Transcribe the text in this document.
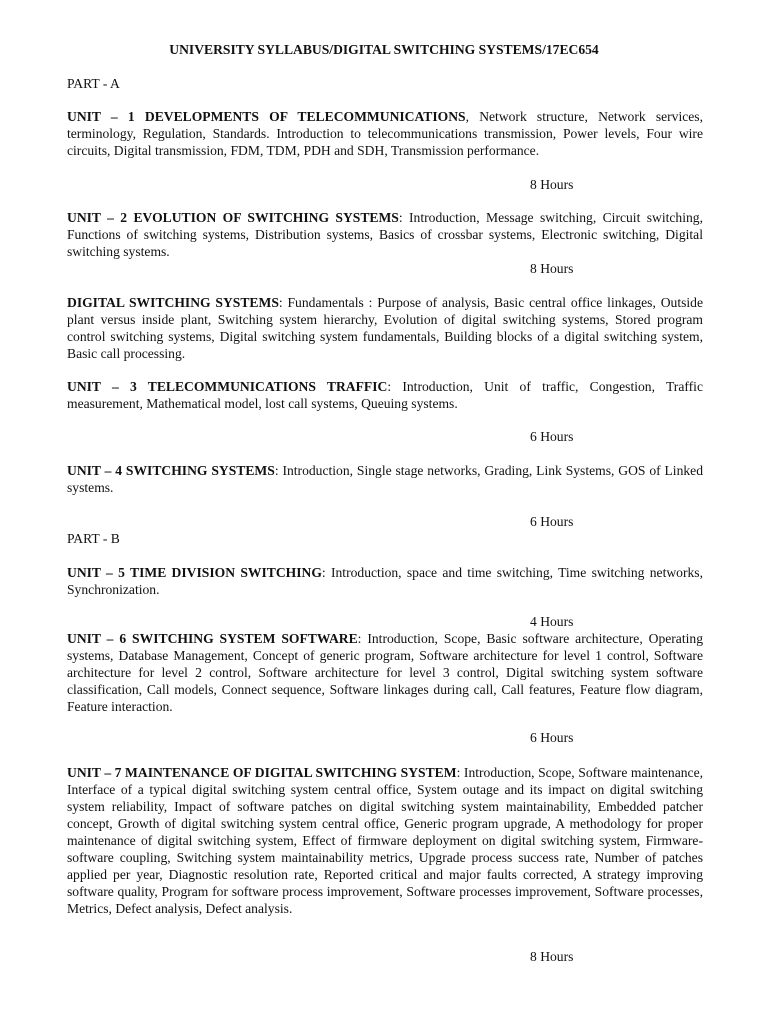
UNIVERSITY SYLLABUS/DIGITAL SWITCHING SYSTEMS/17EC654

PART - A

UNIT – 1 DEVELOPMENTS OF TELECOMMUNICATIONS, Network structure, Network services, terminology, Regulation, Standards. Introduction to telecommunications transmission, Power levels, Four wire circuits, Digital transmission, FDM, TDM, PDH and SDH, Transmission performance.

8 Hours

UNIT – 2 EVOLUTION OF SWITCHING SYSTEMS: Introduction, Message switching, Circuit switching, Functions of switching systems, Distribution systems, Basics of crossbar systems, Electronic switching, Digital switching systems.

8 Hours

DIGITAL SWITCHING SYSTEMS: Fundamentals : Purpose of analysis, Basic central office linkages, Outside plant versus inside plant, Switching system hierarchy, Evolution of digital switching systems, Stored program control switching systems, Digital switching system fundamentals, Building blocks of a digital switching system, Basic call processing.

UNIT – 3 TELECOMMUNICATIONS TRAFFIC: Introduction, Unit of traffic, Congestion, Traffic measurement, Mathematical model, lost call systems, Queuing systems.

6 Hours

UNIT – 4 SWITCHING SYSTEMS: Introduction, Single stage networks, Grading, Link Systems, GOS of Linked systems.

6 Hours

PART - B

UNIT – 5 TIME DIVISION SWITCHING: Introduction, space and time switching, Time switching networks, Synchronization.

4 Hours

UNIT – 6 SWITCHING SYSTEM SOFTWARE: Introduction, Scope, Basic software architecture, Operating systems, Database Management, Concept of generic program, Software architecture for level 1 control, Software architecture for level 2 control, Software architecture for level 3 control, Digital switching system software classification, Call models, Connect sequence, Software linkages during call, Call features, Feature flow diagram, Feature interaction.

6 Hours

UNIT – 7 MAINTENANCE OF DIGITAL SWITCHING SYSTEM: Introduction, Scope, Software maintenance, Interface of a typical digital switching system central office, System outage and its impact on digital switching system reliability, Impact of software patches on digital switching system maintainability, Embedded patcher concept, Growth of digital switching system central office, Generic program upgrade, A methodology for proper maintenance of digital switching system, Effect of firmware deployment on digital switching system, Firmware-software coupling, Switching system maintainability metrics, Upgrade process success rate, Number of patches applied per year, Diagnostic resolution rate, Reported critical and major faults corrected, A strategy improving software quality, Program for software process improvement, Software processes improvement, Software processes, Metrics, Defect analysis, Defect analysis.

8 Hours
